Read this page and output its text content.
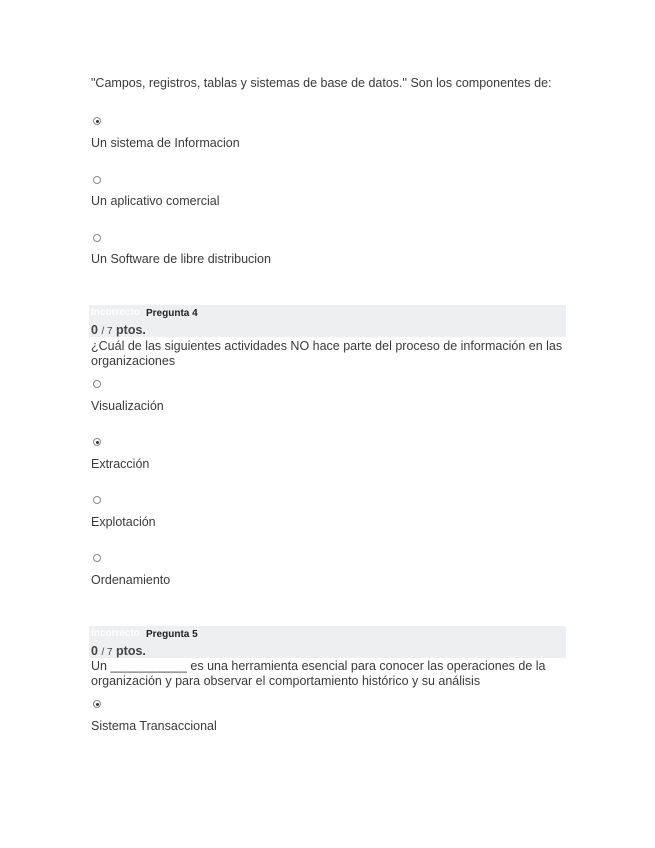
"Campos, registros, tablas y sistemas de base de datos." Son los componentes de:
Un sistema de Informacion
Un aplicativo comercial
Un Software de libre distribucion
Incorrecto Pregunta 4
0 / 7 ptos.
¿Cuál de las siguientes actividades NO hace parte del proceso de información en las organizaciones
Visualización
Extracción
Explotación
Ordenamiento
Incorrecto Pregunta 5
0 / 7 ptos.
Un ___________ es una herramienta esencial para conocer las operaciones de la organización y para observar el comportamiento histórico y su análisis
Sistema Transaccional
